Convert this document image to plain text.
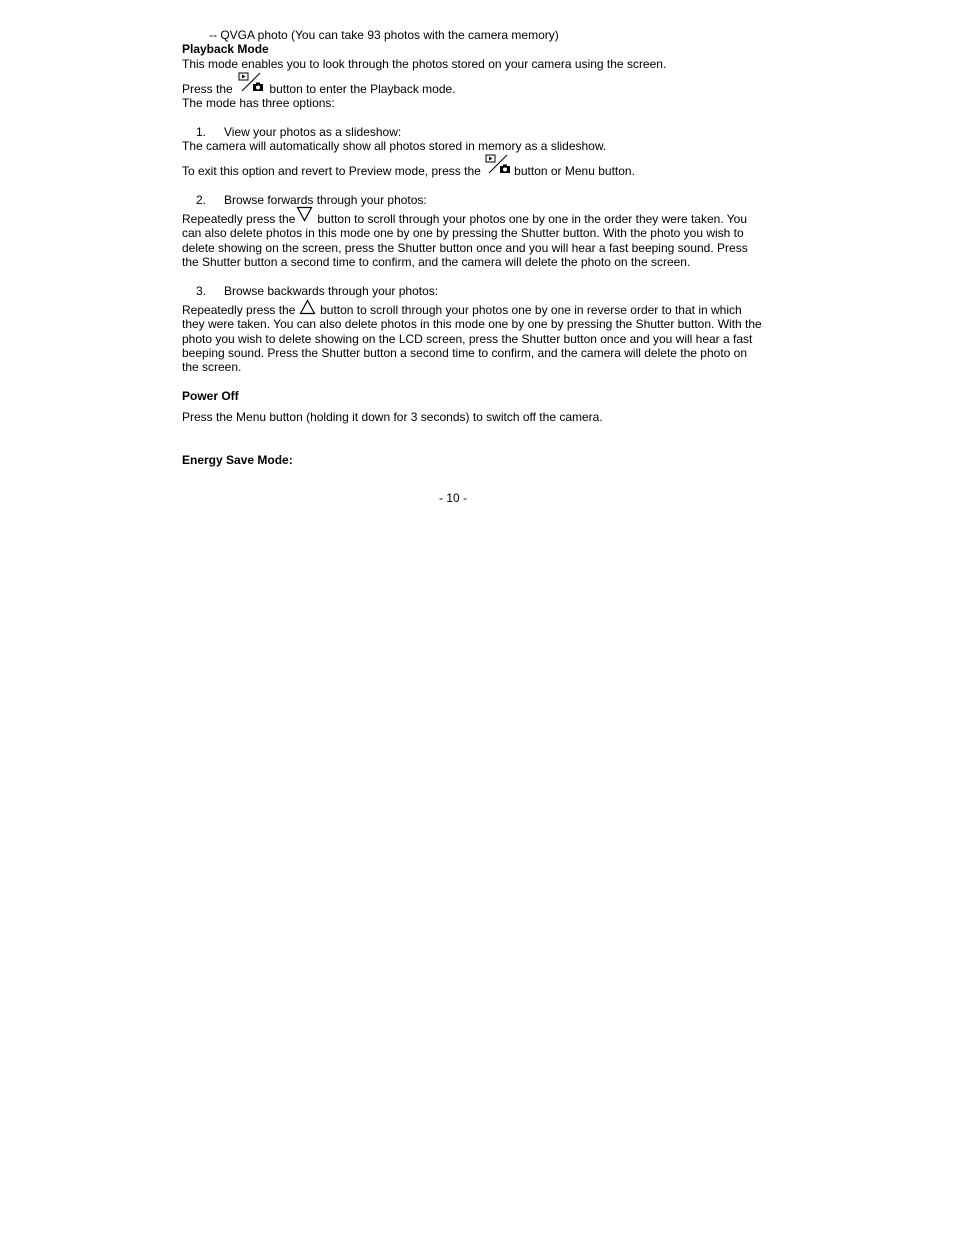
-- QVGA photo (You can take 93 photos with the camera memory)
Playback Mode
This mode enables you to look through the photos stored on your camera using the screen.
Press the	button to enter the Playback mode.
The mode has three options:
1. View your photos as a slideshow:
The camera will automatically show all photos stored in memory as a slideshow.
To exit this option and revert to Preview mode, press the	button or Menu button.
2. Browse forwards through your photos:
Repeatedly press the button to scroll through your photos one by one in the order they were taken. You
can also delete photos in this mode one by one by pressing the Shutter button. With the photo you wish to
delete showing on the screen, press the Shutter button once and you will hear a fast beeping sound. Press
the Shutter button a second time to confirm, and the camera will delete the photo on the screen.
3. Browse backwards through your photos:
Repeatedly press the button to scroll through your photos one by one in reverse order to that in which
they were taken. You can also delete photos in this mode one by one by pressing the Shutter button. With the
photo you wish to delete showing on the LCD screen, press the Shutter button once and you will hear a fast
beeping sound. Press the Shutter button a second time to confirm, and the camera will delete the photo on
the screen.
Power Off
Press the Menu button (holding it down for 3 seconds) to switch off the camera.
Energy Save Mode:
- 10 -
